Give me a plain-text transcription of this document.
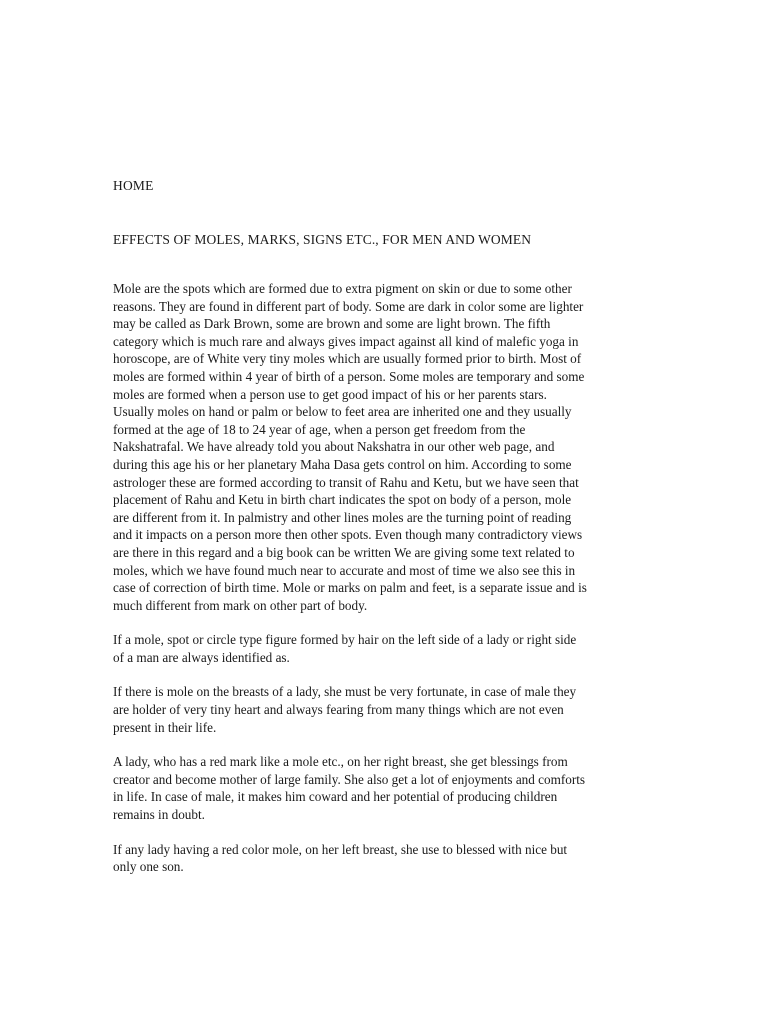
HOME
EFFECTS OF MOLES, MARKS, SIGNS ETC., FOR MEN AND WOMEN

Mole are the spots which are formed due to extra pigment on skin or due to some other
reasons. They are found in different part of body. Some are dark in color some are lighter
may be called as Dark Brown, some are brown and some are light brown. The fifth
category which is much rare and always gives impact against all kind of malefic yoga in
horoscope, are of White very tiny moles which are usually formed prior to birth. Most of
moles are formed within 4 year of birth of a person. Some moles are temporary and some
moles are formed when a person use to get good impact of his or her parents stars.
Usually moles on hand or palm or below to feet area are inherited one and they usually
formed at the age of 18 to 24 year of age, when a person get freedom from the
Nakshatrafal. We have already told you about Nakshatra in our other web page, and
during this age his or her planetary Maha Dasa gets control on him. According to some
astrologer these are formed according to transit of Rahu and Ketu, but we have seen that
placement of Rahu and Ketu in birth chart indicates the spot on body of a person, mole
are different from it. In palmistry and other lines moles are the turning point of reading
and it impacts on a person more then other spots. Even though many contradictory views
are there in this regard and a big book can be written We are giving some text related to
moles, which we have found much near to accurate and most of time we also see this in
case of correction of birth time. Mole or marks on palm and feet, is a separate issue and is
much different from mark on other part of body.

If a mole, spot or circle type figure formed by hair on the left side of a lady or right side
of a man are always identified as.

If there is mole on the breasts of a lady, she must be very fortunate, in case of male they
are holder of very tiny heart and always fearing from many things which are not even
present in their life.

A lady, who has a red mark like a mole etc., on her right breast, she get blessings from
creator and become mother of large family. She also get a lot of enjoyments and comforts
in life. In case of male, it makes him coward and her potential of producing children
remains in doubt.

If any lady having a red color mole, on her left breast, she use to blessed with nice but
only one son.
